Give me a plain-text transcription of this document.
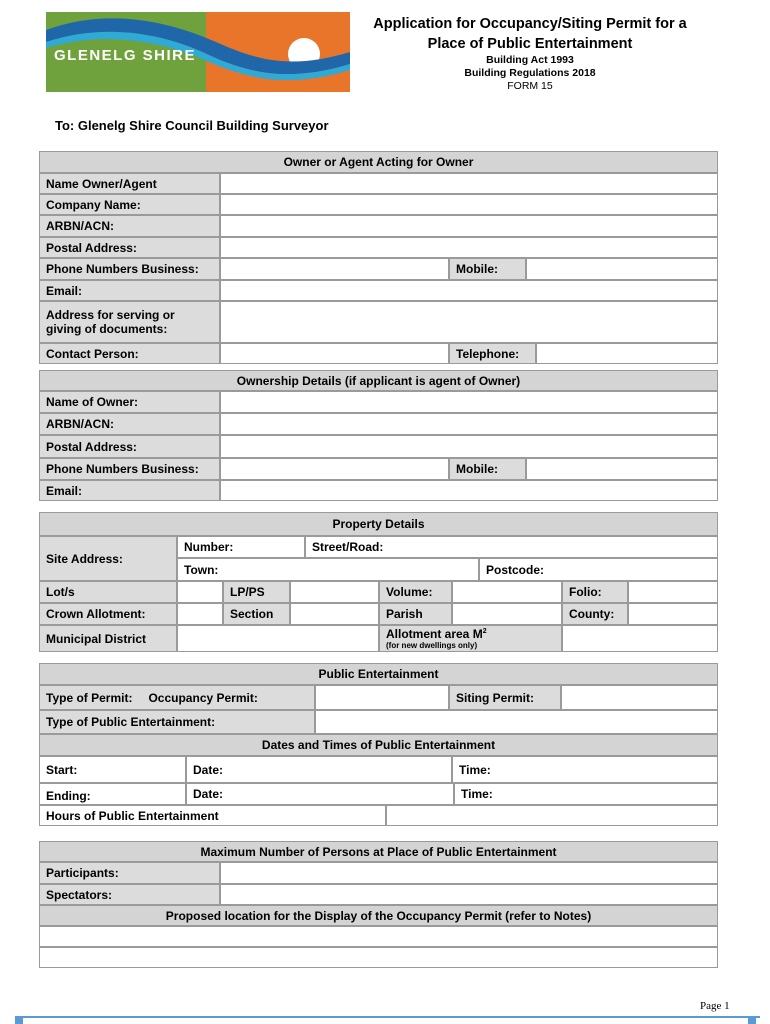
GLENELG SHIRE
Application for Occupancy/Siting Permit for a
Place of Public Entertainment
Building Act 1993
Building Regulations 2018
FORM 15
To: Glenelg Shire Council Building Surveyor
Owner or Agent Acting for Owner
Name Owner/Agent
Company Name:
ARBN/ACN:
Postal Address:
Phone Numbers Business:	Mobile:
Email:
Address for serving or
giving of documents:
Contact Person:	Telephone:
Ownership Details (if applicant is agent of Owner)
Name of Owner:
ARBN/ACN:
Postal Address:
Phone Numbers Business:	Mobile:
Email:
Property Details
Site Address:
Number:	Street/Road:
Town:	Postcode:
Lot/s	LP/PS	Volume:	Folio:
Crown Allotment:	Section	Parish	County:
Municipal District	Allotment area $M^2$
(for new dwellings only)
Public Entertainment
Type of Permit: Occupancy Permit:	Siting Permit:
Type of Public Entertainment:
Dates and Times of Public Entertainment
Start:	Date:	Time:
Ending:	Date:	Time:
Hours of Public Entertainment
Maximum Number of Persons at Place of Public Entertainment
Participants:
Spectators:
Proposed location for the Display of the Occupancy Permit (refer to Notes)
Page 1
